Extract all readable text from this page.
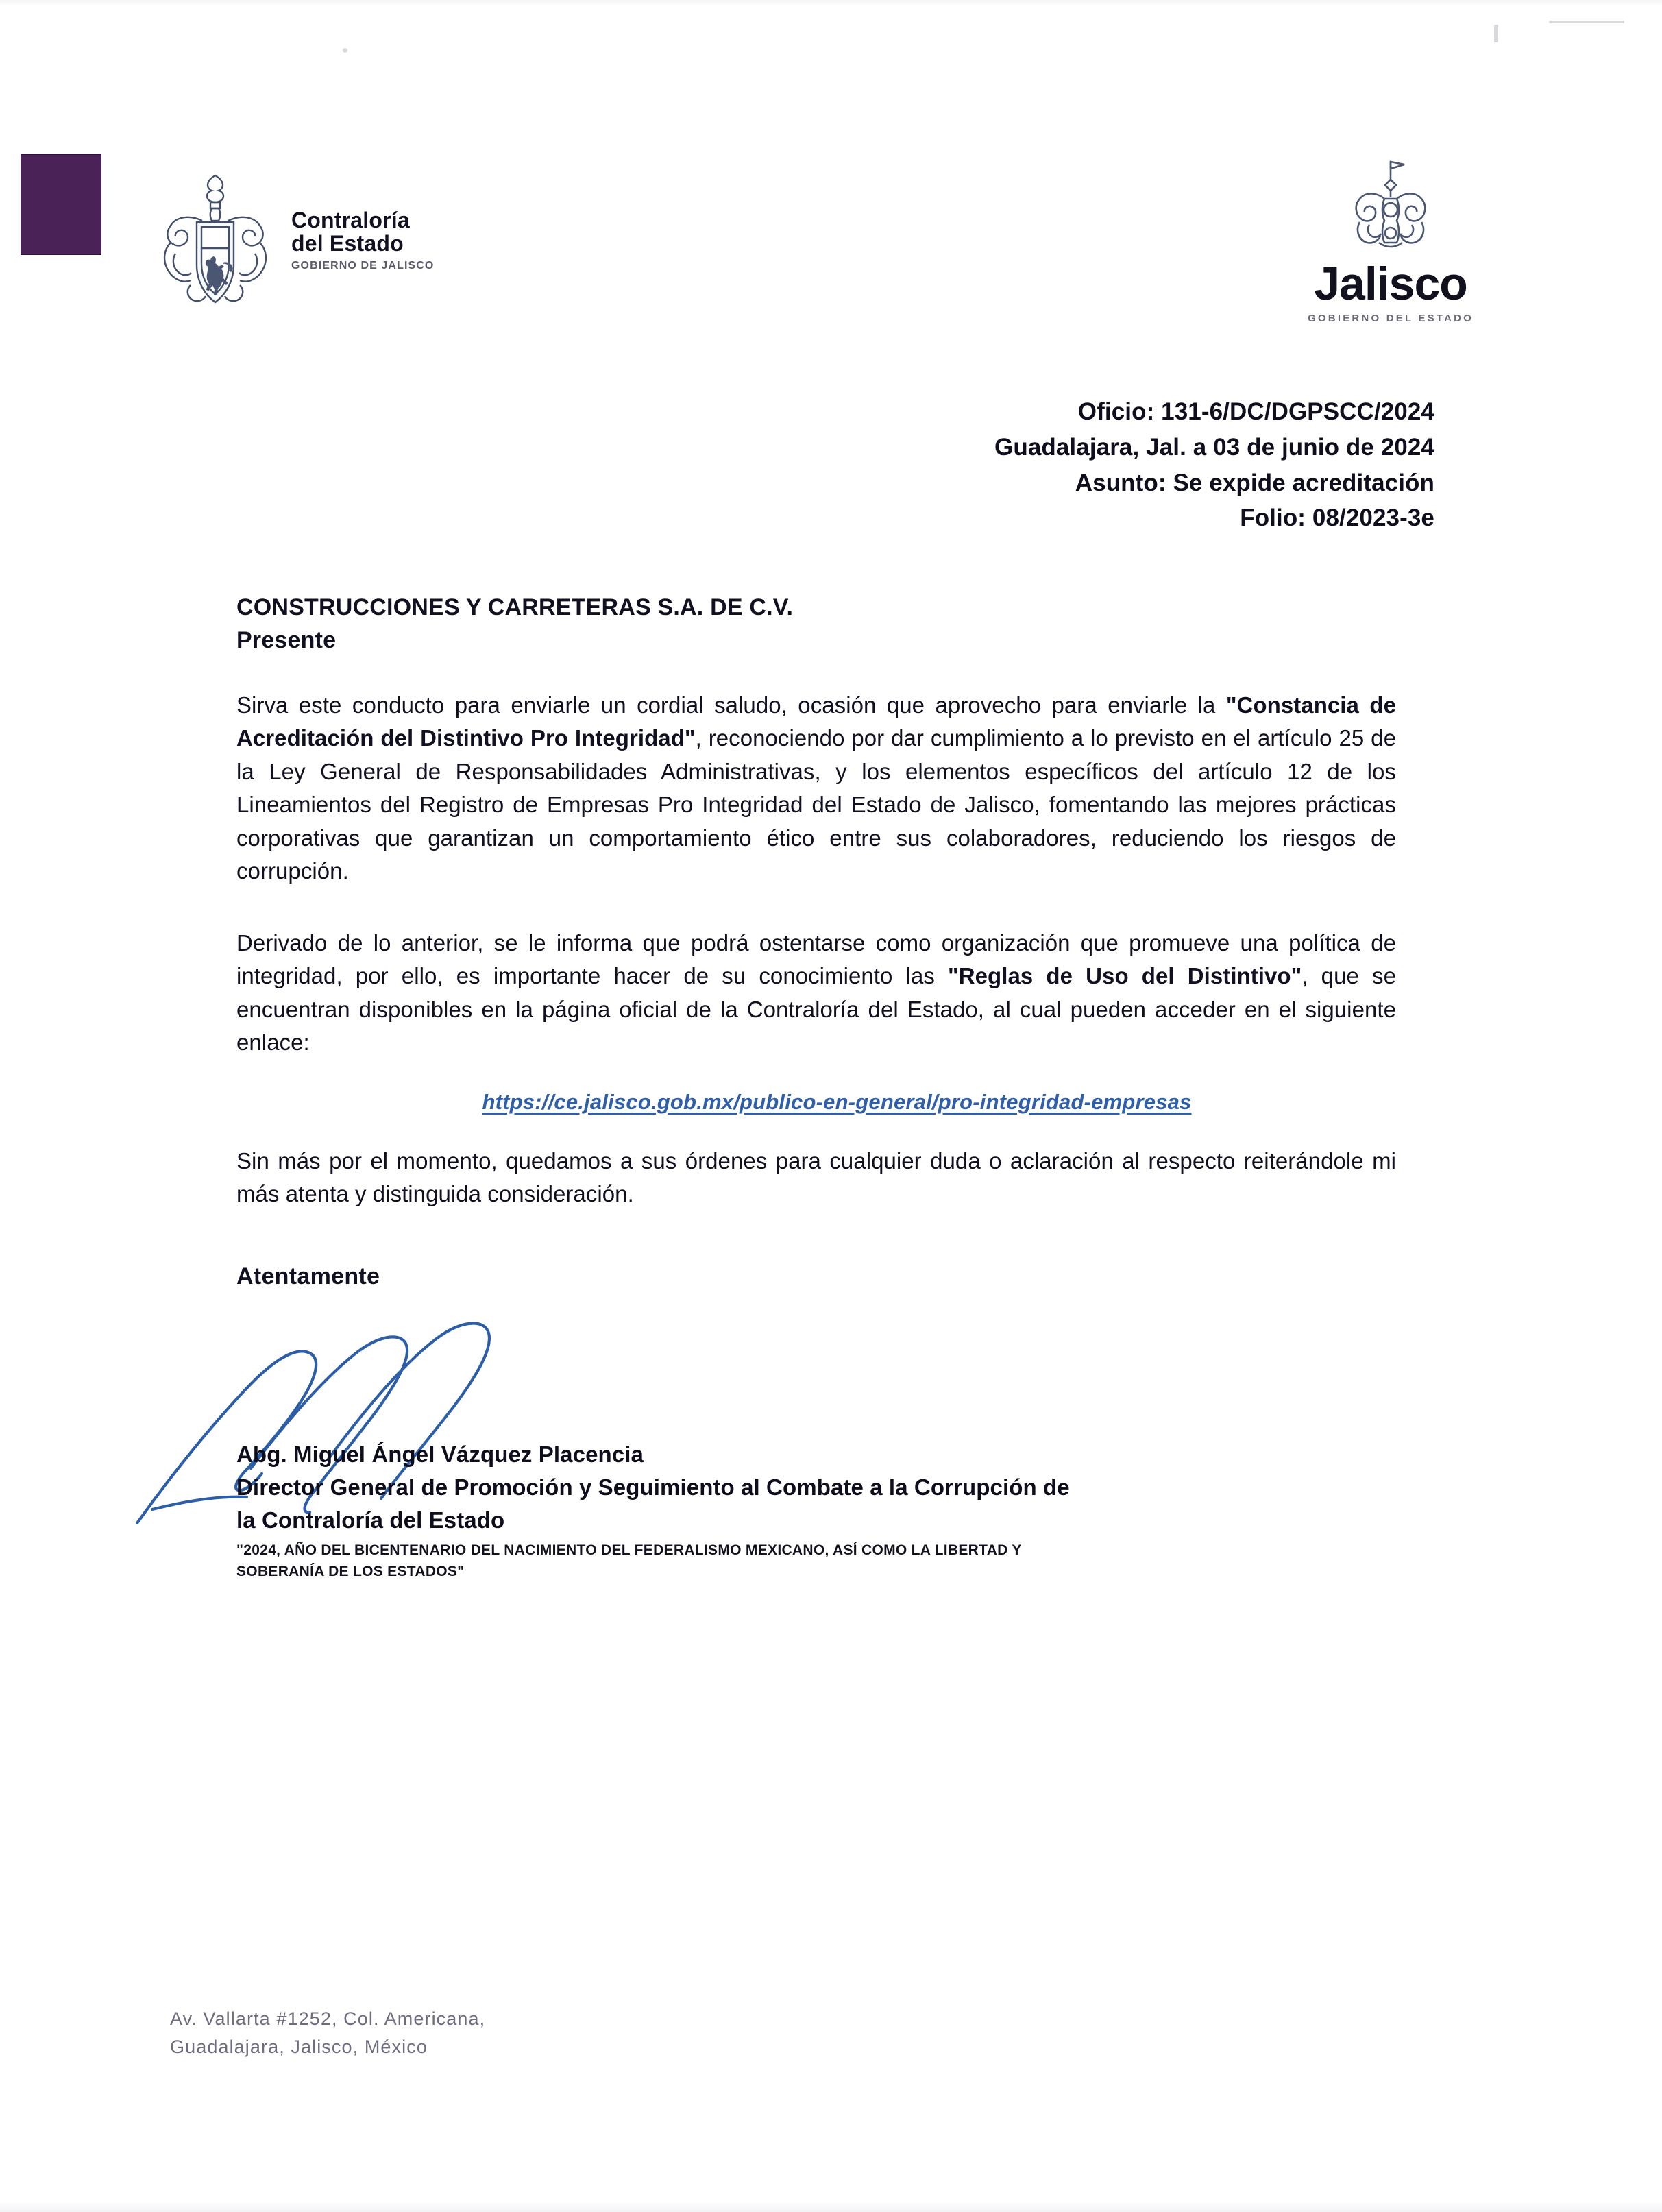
Contraloría
del Estado
GOBIERNO DE JALISCO	Jalisco
GOBIERNO DEL ESTADO
Oficio: 131-6/DC/DGPSCC/2024
Guadalajara, Jal. a 03 de junio de 2024
Asunto: Se expide acreditación
Folio: 08/2023-3e
CONSTRUCCIONES Y CARRETERAS S.A. DE C.V.
Presente

Sirva este conducto para enviarle un cordial saludo, ocasión que aprovecho para enviarle la "Constancia de Acreditación del Distintivo Pro Integridad", reconociendo por dar cumplimiento a lo previsto en el artículo 25 de la Ley General de Responsabilidades Administrativas, y los elementos específicos del artículo 12 de los Lineamientos del Registro de Empresas Pro Integridad del Estado de Jalisco, fomentando las mejores prácticas corporativas que garantizan un comportamiento ético entre sus colaboradores, reduciendo los riesgos de corrupción.

Derivado de lo anterior, se le informa que podrá ostentarse como organización que promueve una política de integridad, por ello, es importante hacer de su conocimiento las "Reglas de Uso del Distintivo", que se encuentran disponibles en la página oficial de la Contraloría del Estado, al cual pueden acceder en el siguiente enlace:

https://ce.jalisco.gob.mx/publico-en-general/pro-integridad-empresas

Sin más por el momento, quedamos a sus órdenes para cualquier duda o aclaración al respecto reiterándole mi más atenta y distinguida consideración.

Atentamente
Abg. Miguel Ángel Vázquez Placencia
Director General de Promoción y Seguimiento al Combate a la Corrupción de
la Contraloría del Estado
"2024, AÑO DEL BICENTENARIO DEL NACIMIENTO DEL FEDERALISMO MEXICANO, ASÍ COMO LA LIBERTAD Y
SOBERANÍA DE LOS ESTADOS"
Av. Vallarta #1252, Col. Americana,
Guadalajara, Jalisco, México
